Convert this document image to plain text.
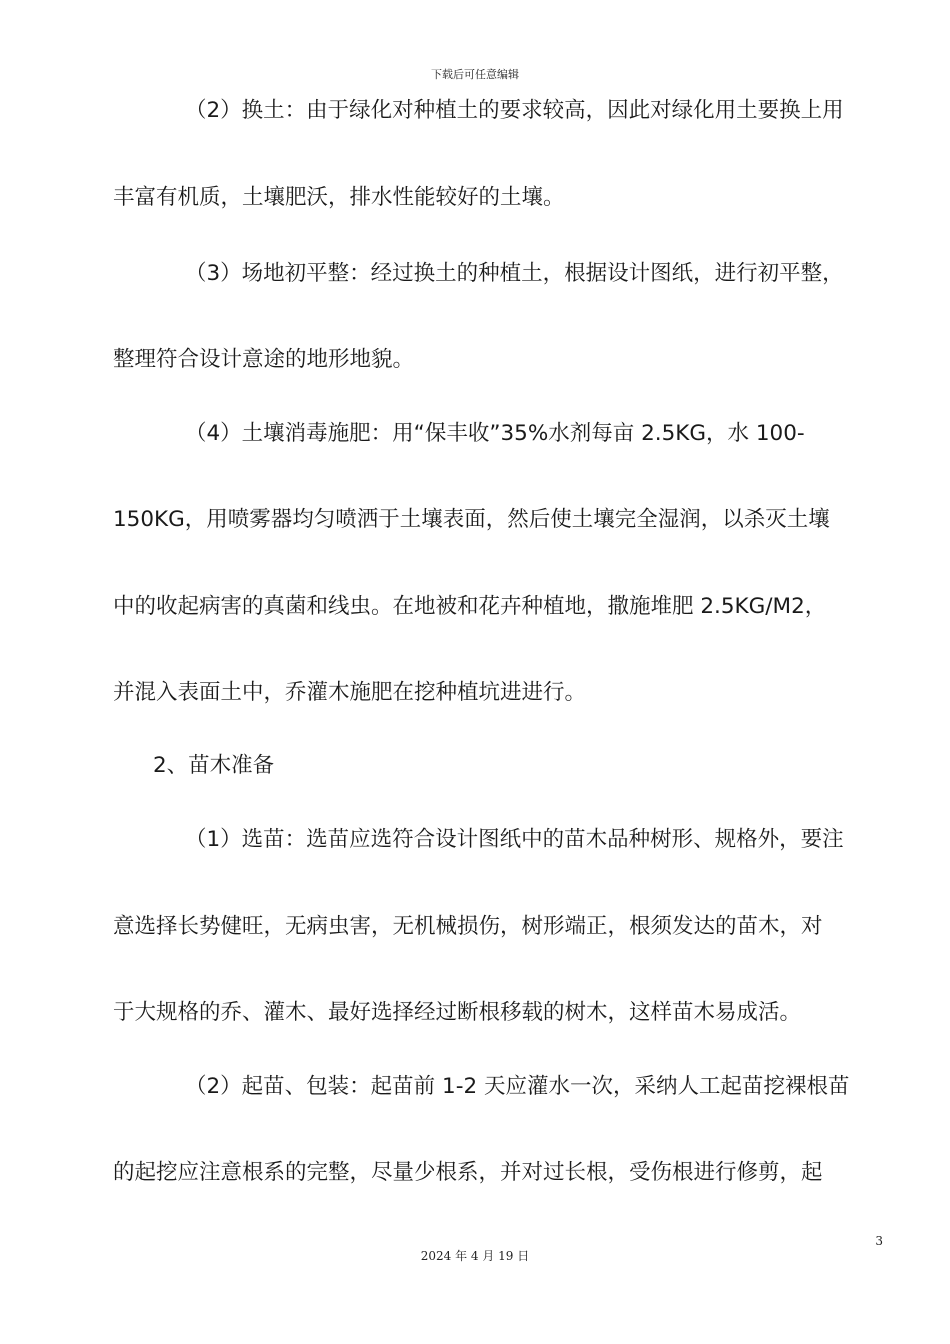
下载后可任意编辑
（2）换土：由于绿化对种植土的要求较高，因此对绿化用土要换上用
丰富有机质，土壤肥沃，排水性能较好的土壤。
（3）场地初平整：经过换土的种植土，根据设计图纸，进行初平整，
整理符合设计意途的地形地貌。
（4）土壤消毒施肥：用“保丰收”35%水剂每亩 2.5KG，水 100-
150KG，用喷雾器均匀喷洒于土壤表面，然后使土壤完全湿润，以杀灭土壤
中的收起病害的真菌和线虫。在地被和花卉种植地，撒施堆肥 2.5KG/M2，
并混入表面土中，乔灌木施肥在挖种植坑进进行。
2、苗木准备
（1）选苗：选苗应选符合设计图纸中的苗木品种树形、规格外，要注
意选择长势健旺，无病虫害，无机械损伤，树形端正，根须发达的苗木，对
于大规格的乔、灌木、最好选择经过断根移载的树木，这样苗木易成活。
（2）起苗、包装：起苗前 1-2 天应灌水一次，采纳人工起苗挖裸根苗
的起挖应注意根系的完整，尽量少根系，并对过长根，受伤根进行修剪，起
3
2024 年 4 月 19 日
